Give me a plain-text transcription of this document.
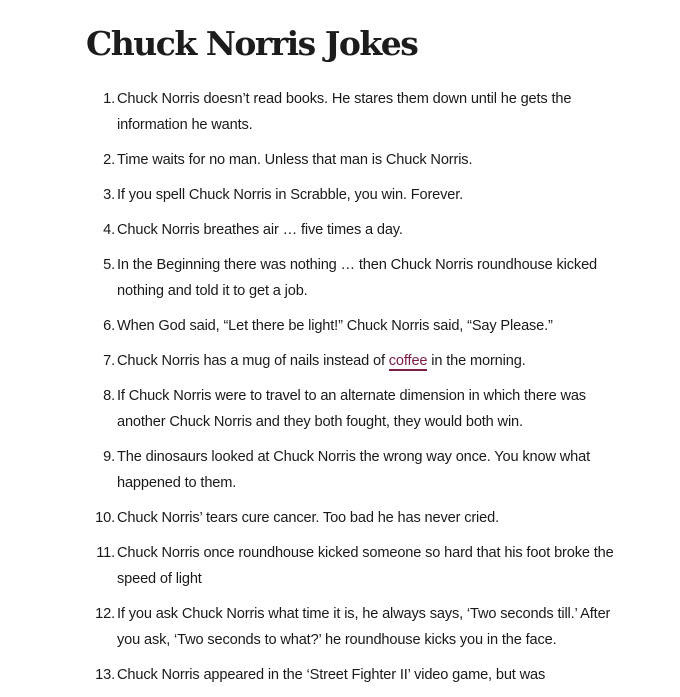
Chuck Norris Jokes
Chuck Norris doesn’t read books. He stares them down until he gets the information he wants.
Time waits for no man. Unless that man is Chuck Norris.
If you spell Chuck Norris in Scrabble, you win. Forever.
Chuck Norris breathes air … five times a day.
In the Beginning there was nothing … then Chuck Norris roundhouse kicked nothing and told it to get a job.
When God said, “Let there be light!” Chuck Norris said, “Say Please.”
Chuck Norris has a mug of nails instead of coffee in the morning.
If Chuck Norris were to travel to an alternate dimension in which there was another Chuck Norris and they both fought, they would both win.
The dinosaurs looked at Chuck Norris the wrong way once. You know what happened to them.
Chuck Norris’ tears cure cancer. Too bad he has never cried.
Chuck Norris once roundhouse kicked someone so hard that his foot broke the speed of light
If you ask Chuck Norris what time it is, he always says, ‘Two seconds till.’ After you ask, ‘Two seconds to what?’ he roundhouse kicks you in the face.
Chuck Norris appeared in the ‘Street Fighter II’ video game, but was
